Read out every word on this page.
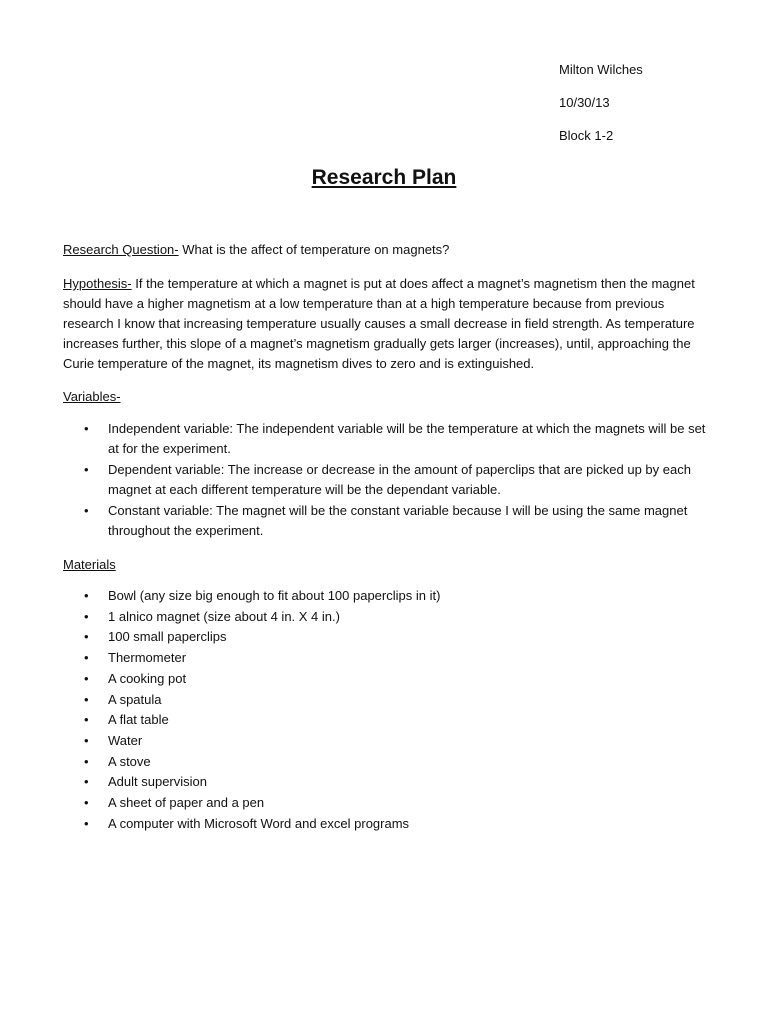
Milton Wilches
10/30/13
Block 1-2
Research Plan
Research Question- What is the affect of temperature on magnets?
Hypothesis- If the temperature at which a magnet is put at does affect a magnet’s magnetism then the magnet should have a higher magnetism at a low temperature than at a high temperature because from previous research I know that increasing temperature usually causes a small decrease in field strength. As temperature increases further, this slope of a magnet’s magnetism gradually gets larger (increases), until, approaching the Curie temperature of the magnet, its magnetism dives to zero and is extinguished.
Variables-
• Independent variable: The independent variable will be the temperature at which the magnets will be set at for the experiment.
• Dependent variable: The increase or decrease in the amount of paperclips that are picked up by each magnet at each different temperature will be the dependant variable.
• Constant variable: The magnet will be the constant variable because I will be using the same magnet throughout the experiment.
Materials
• Bowl (any size big enough to fit about 100 paperclips in it)
• 1 alnico magnet (size about 4 in. X 4 in.)
• 100 small paperclips
• Thermometer
• A cooking pot
• A spatula
• A flat table
• Water
• A stove
• Adult supervision
• A sheet of paper and a pen
• A computer with Microsoft Word and excel programs
